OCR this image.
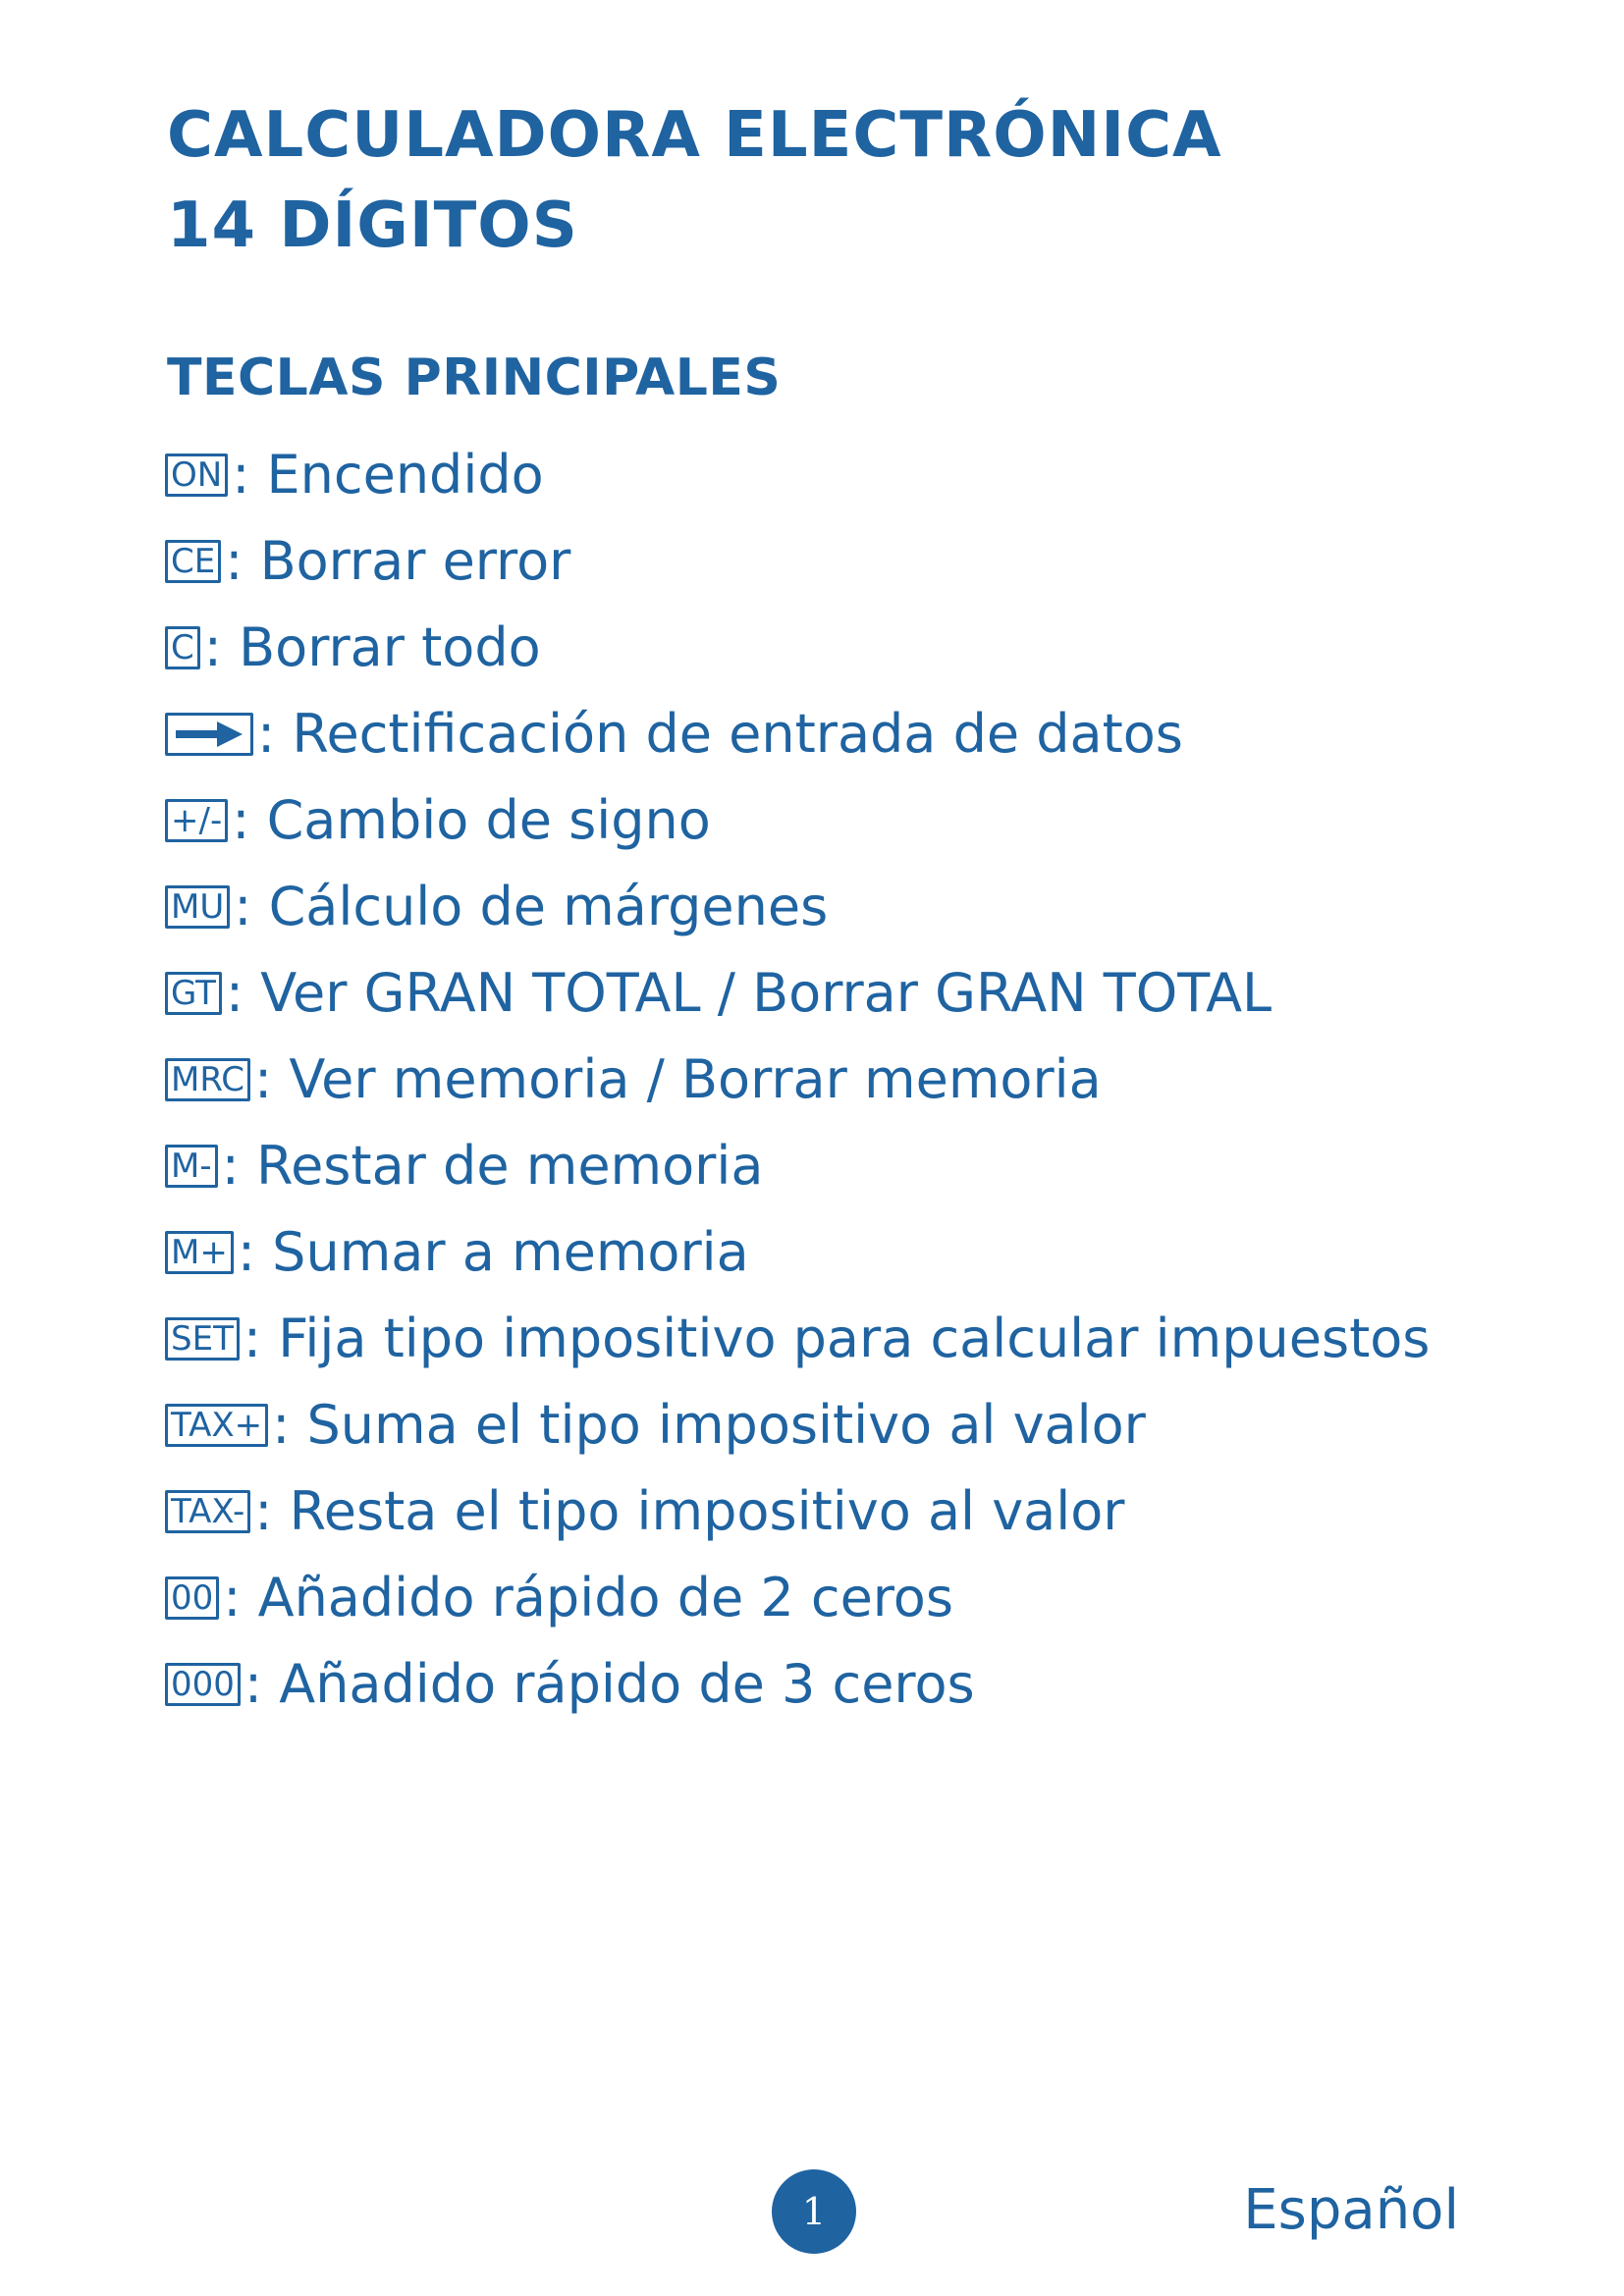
CALCULADORA ELECTRÓNICA
14 DÍGITOS
TECLAS PRINCIPALES
ON : Encendido
CE : Borrar error
C : Borrar todo
: Rectificación de entrada de datos
+/- : Cambio de signo
MU : Cálculo de márgenes
GT : Ver GRAN TOTAL / Borrar GRAN TOTAL
MRC : Ver memoria / Borrar memoria
M- : Restar de memoria
M+ : Sumar a memoria
SET : Fija tipo impositivo para calcular impuestos
TAX+ : Suma el tipo impositivo al valor
TAX- : Resta el tipo impositivo al valor
00 : Añadido rápido de 2 ceros
000 : Añadido rápido de 3 ceros
1	Español
